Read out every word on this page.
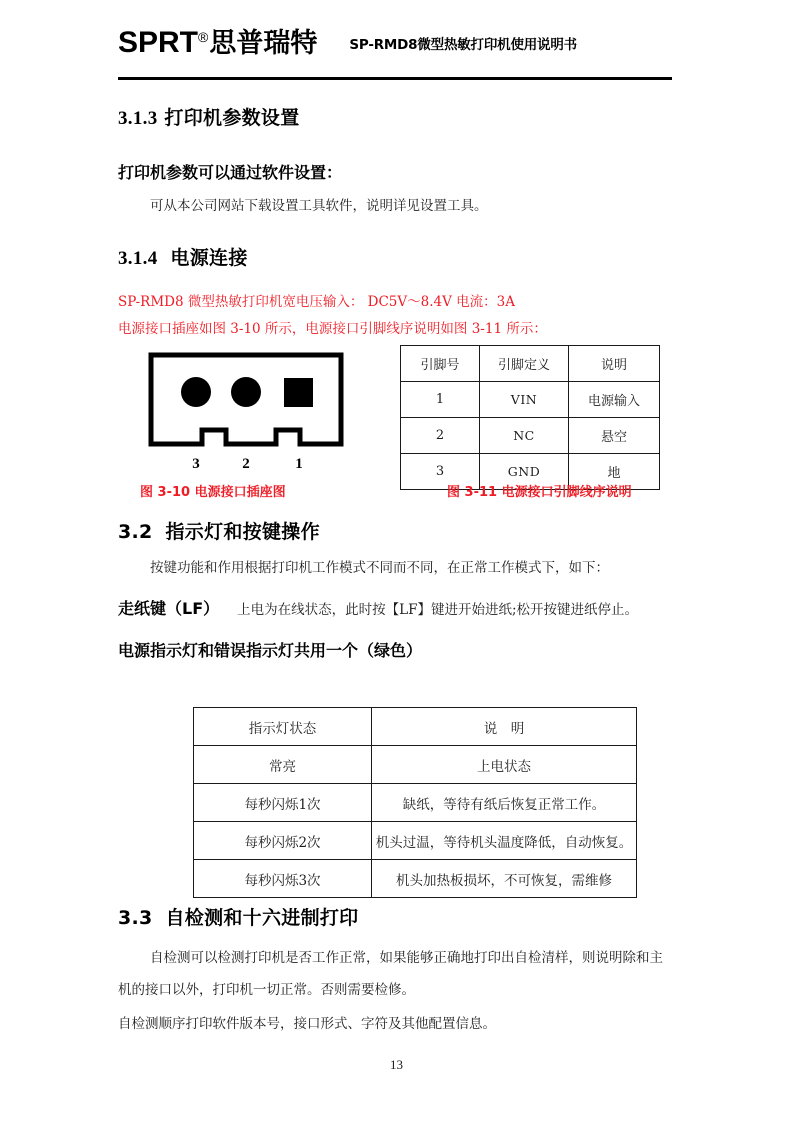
SPRT ® 思普瑞特 SP-RMD8微型热敏打印机使用说明书
3.1.3 打印机参数设置
打印机参数可以通过软件设置：
可从本公司网站下载设置工具软件，说明详见设置工具。
3.1.4 电源连接
SP-RMD8 微型热敏打印机宽电压输入： DC5V～8.4V 电流：3A
电源接口插座如图 3-10 所示，电源接口引脚线序说明如图 3-11 所示：
3	2	1
图 3-10 电源接口插座图
引脚号	引脚定义	说明
1	VIN	电源输入
2	NC	悬空
3	GND	地
图 3-11 电源接口引脚线序说明
3.2 指示灯和按键操作
按键功能和作用根据打印机工作模式不同而不同，在正常工作模式下，如下：
走纸键（LF） 上电为在线状态，此时按【LF】键进开始进纸;松开按键进纸停止。
电源指示灯和错误指示灯共用一个（绿色）
指示灯状态	说　明
常亮	上电状态
每秒闪烁1次	缺纸，等待有纸后恢复正常工作。
每秒闪烁2次	机头过温，等待机头温度降低，自动恢复。
每秒闪烁3次	机头加热板损坏，不可恢复，需维修
3.3 自检测和十六进制打印
自检测可以检测打印机是否工作正常，如果能够正确地打印出自检清样，则说明除和主
机的接口以外，打印机一切正常。否则需要检修。
自检测顺序打印软件版本号，接口形式、字符及其他配置信息。
13
